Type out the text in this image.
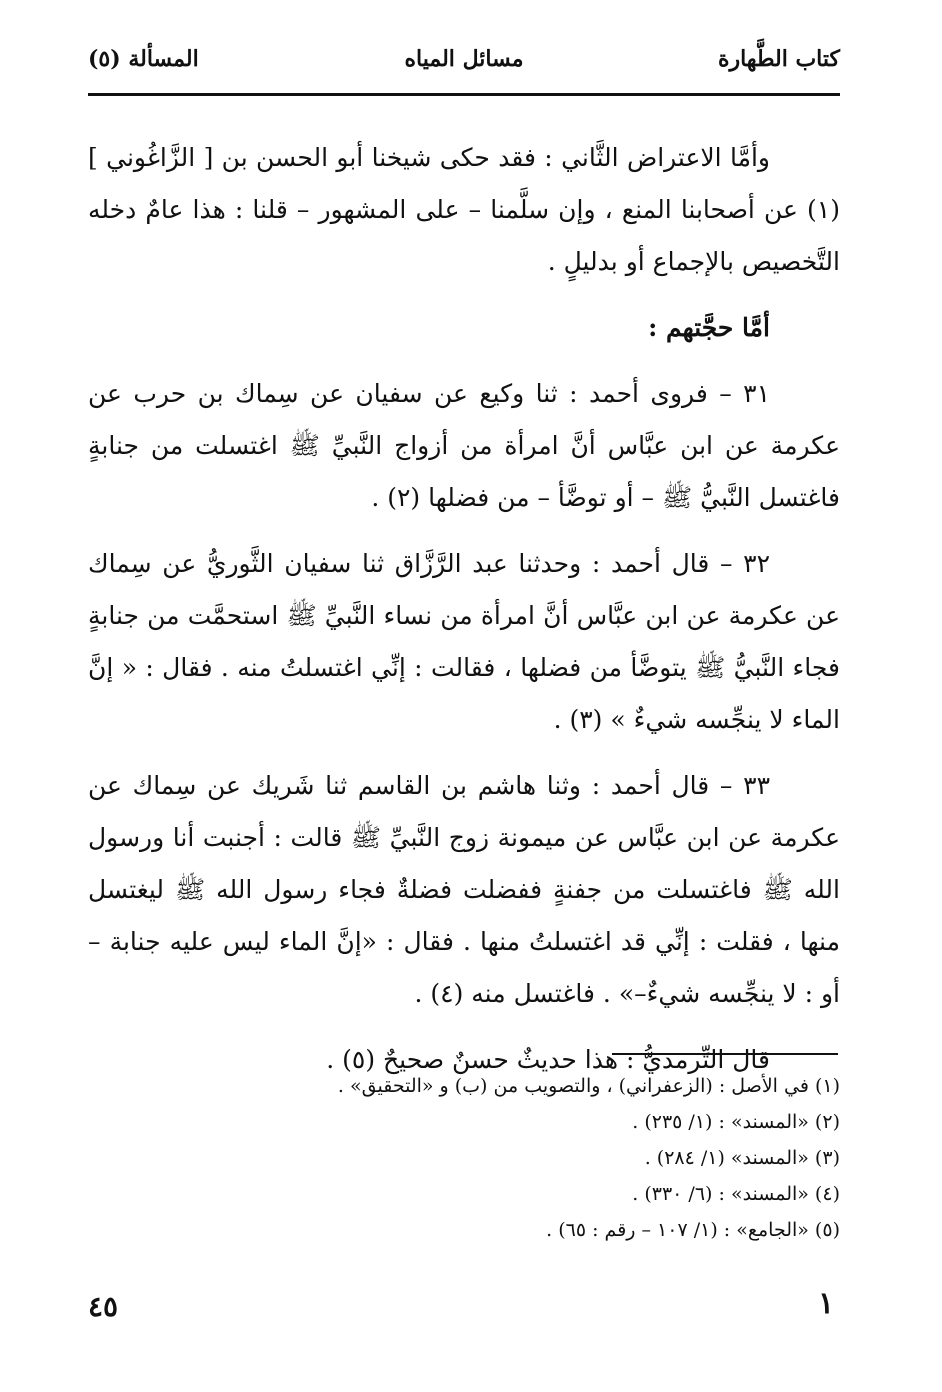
كتاب الطَّهارة
مسائل المياه
المسألة (٥)

وأمَّا الاعتراض الثَّاني : فقد حكى شيخنا أبو الحسن بن [ الزَّاغُوني ] (١) عن أصحابنا المنع ، وإن سلَّمنا – على المشهور – قلنا : هذا عامٌ دخله التَّخصيص بالإجماع أو بدليلٍ .

أمَّا حجَّتهم :

٣١ – فروى أحمد : ثنا وكيع عن سفيان عن سِماك بن حرب عن عكرمة عن ابن عبَّاس أنَّ امرأة من أزواج النَّبيِّ ﷺ اغتسلت من جنابةٍ فاغتسل النَّبيُّ ﷺ – أو توضَّأ – من فضلها (٢) .

٣٢ – قال أحمد : وحدثنا عبد الرَّزَّاق ثنا سفيان الثَّوريُّ عن سِماك عن عكرمة عن ابن عبَّاس أنَّ امرأة من نساء النَّبيِّ ﷺ استحمَّت من جنابةٍ فجاء النَّبيُّ ﷺ يتوضَّأ من فضلها ، فقالت : إنِّي اغتسلتُ منه . فقال : « إنَّ الماء لا ينجِّسه شيءٌ » (٣) .

٣٣ – قال أحمد : وثنا هاشم بن القاسم ثنا شَريك عن سِماك عن عكرمة عن ابن عبَّاس عن ميمونة زوج النَّبيِّ ﷺ قالت : أجنبت أنا ورسول الله ﷺ فاغتسلت من جفنةٍ ففضلت فضلةٌ فجاء رسول الله ﷺ ليغتسل منها ، فقلت : إنِّي قد اغتسلتُ منها . فقال : «إنَّ الماء ليس عليه جنابة – أو : لا ينجِّسه شيءٌ–» . فاغتسل منه (٤) .

قال التِّرمذيُّ : هذا حديثٌ حسنٌ صحيحٌ (٥) .

(١) في الأصل : (الزعفراني) ، والتصويب من (ب) و «التحقيق» .
(٢) «المسند» : (١/ ٢٣٥) .
(٣) «المسند» (١/ ٢٨٤) .
(٤) «المسند» : (٦/ ٣٣٠) .
(٥) «الجامع» : (١/ ١٠٧ – رقم : ٦٥) .
٤٥	١
